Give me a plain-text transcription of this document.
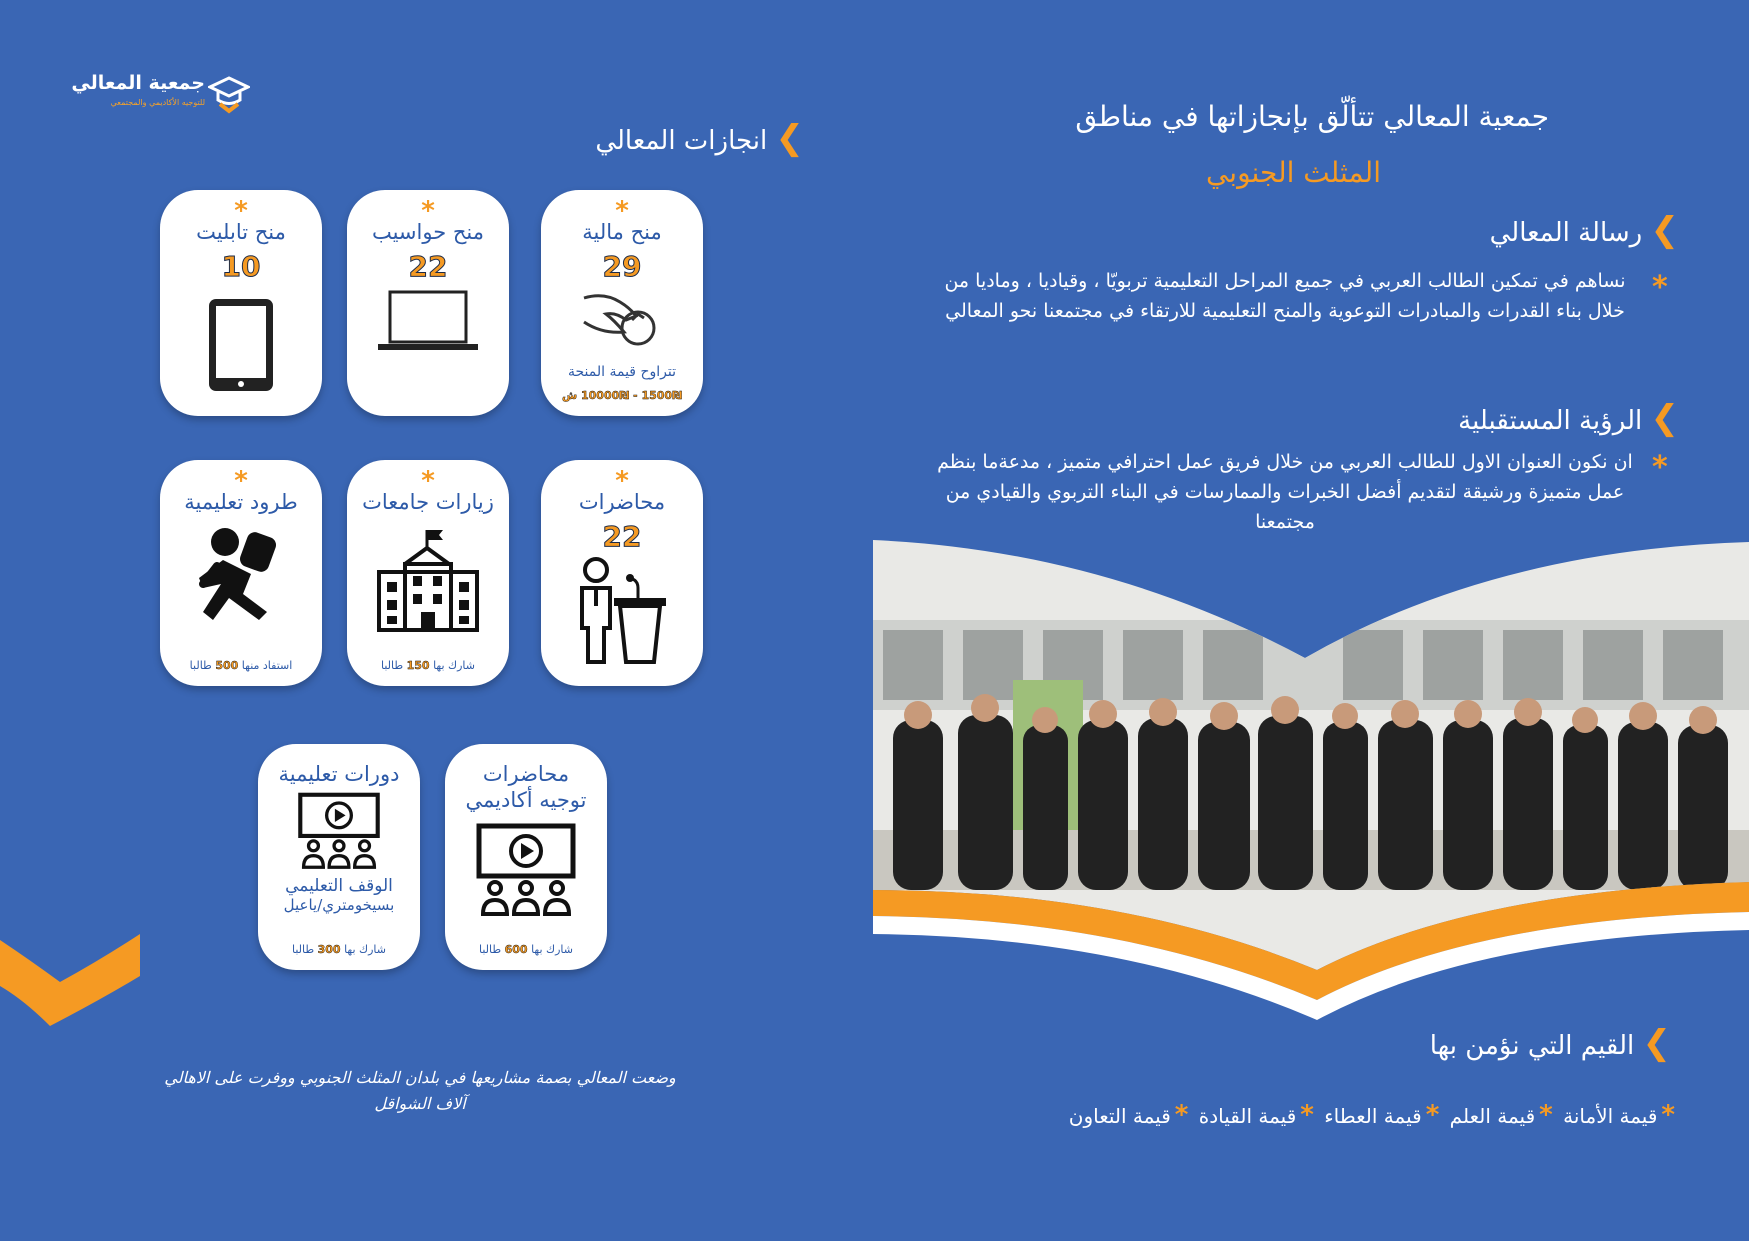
جمعية المعالي
للتوجيه الأكاديمي والمجتمعي
❯ انجازات المعالي
جمعية المعالي تتألّق بإنجازاتها في مناطق
المثلث الجنوبي
❯ رسالة المعالي
*
نساهم في تمكين الطالب العربي في جميع المراحل التعليمية تربويّا ، وقياديا ، وماديا من خلال بناء القدرات والمبادرات التوعوية والمنح التعليمية للارتقاء في مجتمعنا نحو المعالي
❯ الرؤية المستقبلية
*
ان نكون العنوان الاول للطالب العربي من خلال فريق عمل احترافي متميز ، مدعةما بنظم عمل متميزة ورشيقة لتقديم أفضل الخبرات والممارسات في البناء التربوي والقيادي من مجتمعنا
❯ القيم التي نؤمن بها
*قيمة الأمانة *قيمة العلم *قيمة العطاء *قيمة القيادة *قيمة التعاون
*
منح مالية
29
تتراوح قيمة المنحة
1500₪ - 10000₪ ش
*
منح حواسيب
22
*
منح تابليت
10
*
محاضرات
22
*
زيارات جامعات
شارك بها 150 طالبا
*
طرود تعليمية
استفاد منها 500 طالبا
محاضرات
توجيه أكاديمي
شارك بها 600 طالبا
دورات تعليمية
الوقف التعليمي
بسيخومتري/ياعيل
شارك بها 300 طالبا
وضعت المعالي بصمة مشاريعها في بلدان المثلث الجنوبي ووفرت على الاهالي آلاف الشواقل
